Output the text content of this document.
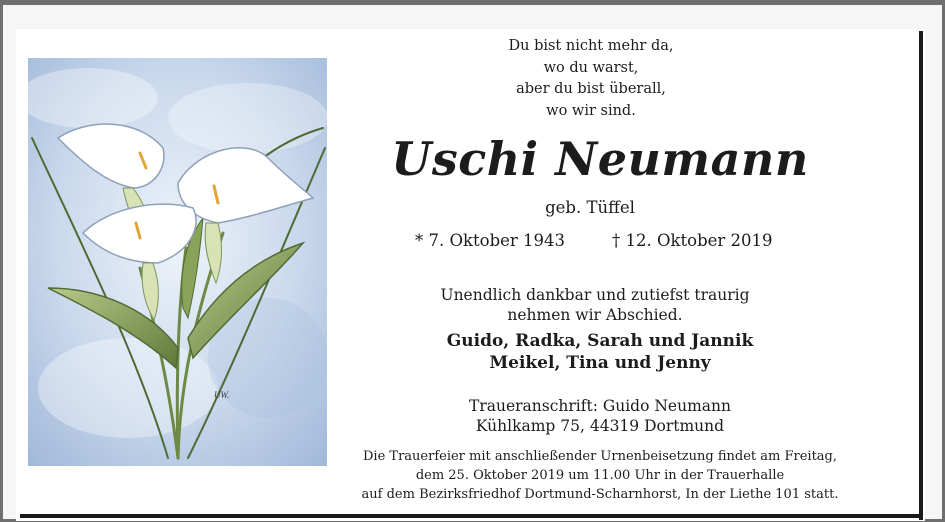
UW.
Du bist nicht mehr da,
wo du warst,
aber du bist überall,
wo wir sind.
Uschi Neumann
geb. Tüffel
* 7. Oktober 1943	† 12. Oktober 2019
Unendlich dankbar und zutiefst traurig
nehmen wir Abschied.
Guido, Radka, Sarah und Jannik
Meikel, Tina und Jenny
Traueranschrift: Guido Neumann
Kühlkamp 75, 44319 Dortmund
Die Trauerfeier mit anschließender Urnenbeisetzung findet am Freitag,
dem 25. Oktober 2019 um 11.00 Uhr in der Trauerhalle
auf dem Bezirksfriedhof Dortmund-Scharnhorst, In der Liethe 101 statt.
